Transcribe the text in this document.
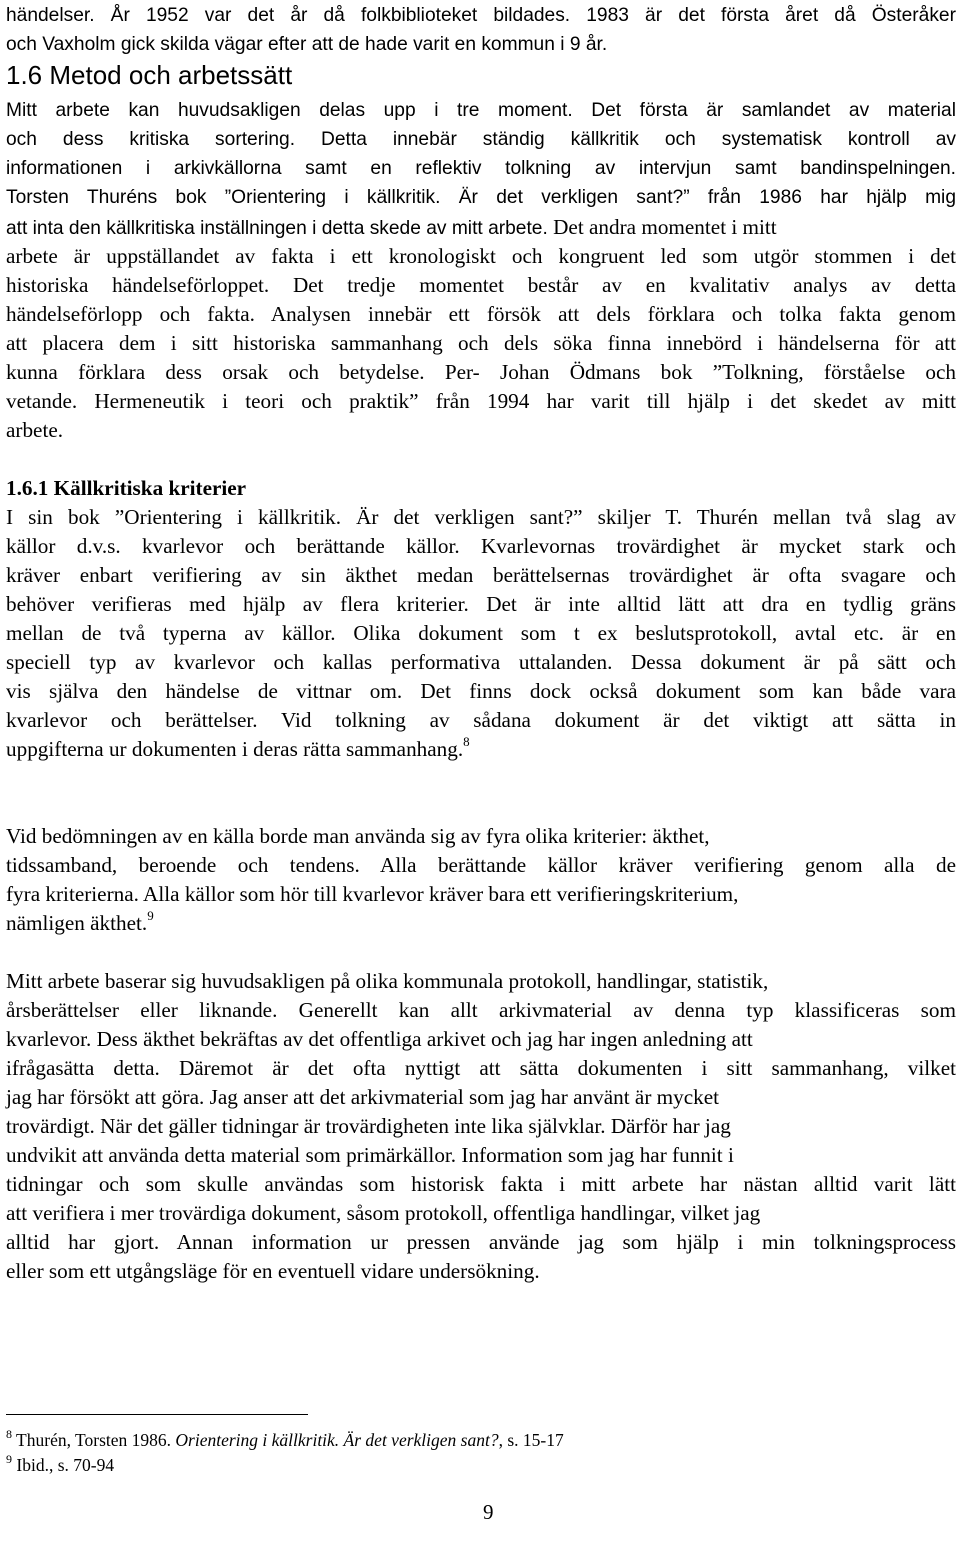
händelser. År 1952 var det år då folkbiblioteket bildades. 1983 är det första året då Österåker
och Vaxholm gick skilda vägar efter att de hade varit en kommun i 9 år.
1.6 Metod och arbetssätt
Mitt arbete kan huvudsakligen delas upp i tre moment. Det första är samlandet av material
och dess kritiska sortering. Detta innebär ständig källkritik och systematisk kontroll av
informationen i arkivkällorna samt en reflektiv tolkning av intervjun samt bandinspelningen.
Torsten Thuréns bok ”Orientering i källkritik. Är det verkligen sant?” från 1986 har hjälp mig
att inta den källkritiska inställningen i detta skede av mitt arbete. Det andra momentet i mitt
arbete är uppställandet av fakta i ett kronologiskt och kongruent led som utgör stommen i det
historiska händelseförloppet. Det tredje momentet består av en kvalitativ analys av detta
händelseförlopp och fakta. Analysen innebär ett försök att dels förklara och tolka fakta genom
att placera dem i sitt historiska sammanhang och dels söka finna innebörd i händelserna för att
kunna förklara dess orsak och betydelse. Per- Johan Ödmans bok ”Tolkning, förståelse och
vetande. Hermeneutik i teori och praktik” från 1994 har varit till hjälp i det skedet av mitt
arbete.
1.6.1 Källkritiska kriterier
I sin bok ”Orientering i källkritik. Är det verkligen sant?” skiljer T. Thurén mellan två slag av
källor d.v.s. kvarlevor och berättande källor. Kvarlevornas trovärdighet är mycket stark och
kräver enbart verifiering av sin äkthet medan berättelsernas trovärdighet är ofta svagare och
behöver verifieras med hjälp av flera kriterier. Det är inte alltid lätt att dra en tydlig gräns
mellan de två typerna av källor. Olika dokument som t ex beslutsprotokoll, avtal etc. är en
speciell typ av kvarlevor och kallas performativa uttalanden. Dessa dokument är på sätt och
vis själva den händelse de vittnar om. Det finns dock också dokument som kan både vara
kvarlevor och berättelser. Vid tolkning av sådana dokument är det viktigt att sätta in
uppgifterna ur dokumenten i deras rätta sammanhang.$^8$
Vid bedömningen av en källa borde man använda sig av fyra olika kriterier: äkthet,
tidssamband, beroende och tendens. Alla berättande källor kräver verifiering genom alla de
fyra kriterierna. Alla källor som hör till kvarlevor kräver bara ett verifieringskriterium,
nämligen äkthet.$^9$
Mitt arbete baserar sig huvudsakligen på olika kommunala protokoll, handlingar, statistik,
årsberättelser eller liknande. Generellt kan allt arkivmaterial av denna typ klassificeras som
kvarlevor. Dess äkthet bekräftas av det offentliga arkivet och jag har ingen anledning att
ifrågasätta detta. Däremot är det ofta nyttigt att sätta dokumenten i sitt sammanhang, vilket
jag har försökt att göra. Jag anser att det arkivmaterial som jag har använt är mycket
trovärdigt. När det gäller tidningar är trovärdigheten inte lika självklar. Därför har jag
undvikit att använda detta material som primärkällor. Information som jag har funnit i
tidningar och som skulle användas som historisk fakta i mitt arbete har nästan alltid varit lätt
att verifiera i mer trovärdiga dokument, såsom protokoll, offentliga handlingar, vilket jag
alltid har gjort. Annan information ur pressen använde jag som hjälp i min tolkningsprocess
eller som ett utgångsläge för en eventuell vidare undersökning.
$^8$ Thurén, Torsten 1986. Orientering i källkritik. Är det verkligen sant?, s. 15-17
$^9$ Ibid., s. 70-94
9
